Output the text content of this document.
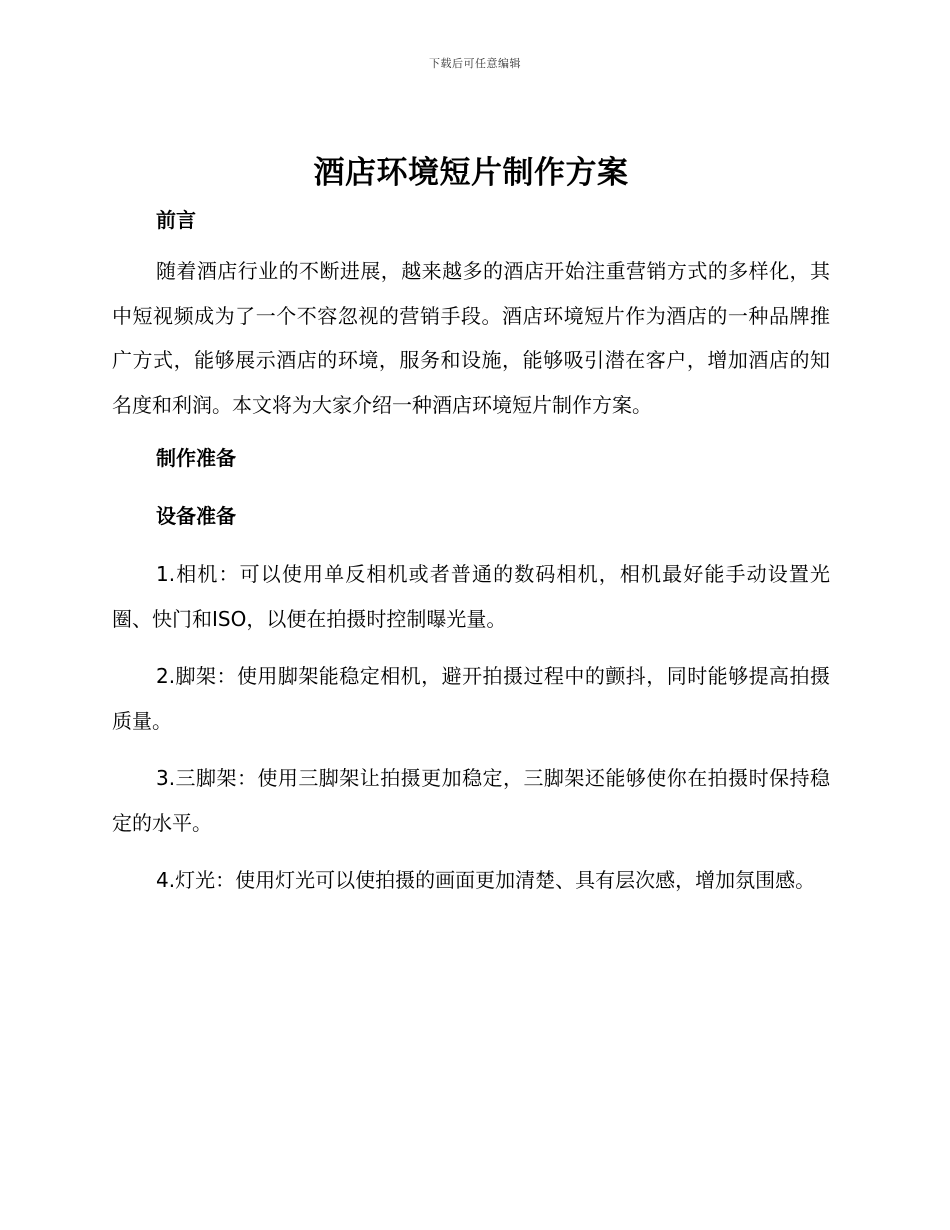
下载后可任意编辑
酒店环境短片制作方案

前言

随着酒店行业的不断进展，越来越多的酒店开始注重营销方式的多样化，其中短视频成为了一个不容忽视的营销手段。酒店环境短片作为酒店的一种品牌推广方式，能够展示酒店的环境，服务和设施，能够吸引潜在客户，增加酒店的知名度和利润。本文将为大家介绍一种酒店环境短片制作方案。

制作准备

设备准备

1.相机：可以使用单反相机或者普通的数码相机，相机最好能手动设置光圈、快门和ISO，以便在拍摄时控制曝光量。

2.脚架：使用脚架能稳定相机，避开拍摄过程中的颤抖，同时能够提高拍摄质量。

3.三脚架：使用三脚架让拍摄更加稳定，三脚架还能够使你在拍摄时保持稳定的水平。

4.灯光：使用灯光可以使拍摄的画面更加清楚、具有层次感，增加氛围感。
